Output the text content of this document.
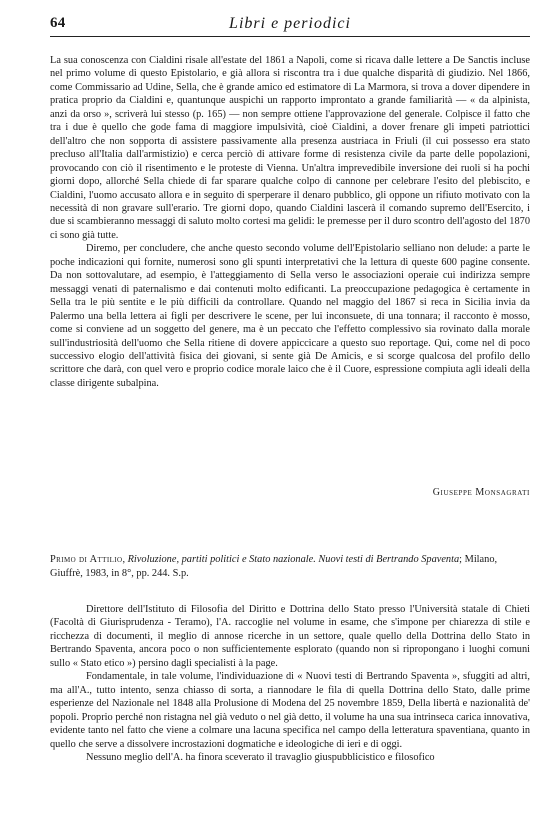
64	Libri e periodici

La sua conoscenza con Cialdini risale all'estate del 1861 a Napoli, come si ricava dalle lettere a De Sanctis incluse nel primo volume di questo Epistolario, e già allora si riscontra tra i due qualche disparità di giudizio. Nel 1866, come Commissario ad Udine, Sella, che è grande amico ed estimatore di La Marmora, si trova a dover dipendere in pratica proprio da Cialdini e, quantunque auspichi un rapporto improntato a grande familiarità — « da alpinista, anzi da orso », scriverà lui stesso (p. 165) — non sempre ottiene l'approvazione del generale. Colpisce il fatto che tra i due è quello che gode fama di maggiore impulsività, cioè Cialdini, a dover frenare gli impeti patriottici dell'altro che non sopporta di assistere passivamente alla presenza austriaca in Friuli (il cui possesso era stato precluso all'Italia dall'armistizio) e cerca perciò di attivare forme di resistenza civile da parte delle popolazioni, provocando con ciò il risentimento e le proteste di Vienna. Un'altra imprevedibile inversione dei ruoli si ha pochi giorni dopo, allorché Sella chiede di far sparare qualche colpo di cannone per celebrare l'esito del plebiscito, e Cialdini, l'uomo accusato allora e in seguito di sperperare il denaro pubblico, gli oppone un rifiuto motivato con la necessità di non gravare sull'erario. Tre giorni dopo, quando Cialdini lascerà il comando supremo dell'Esercito, i due si scambieranno messaggi di saluto molto cortesi ma gelidi: le premesse per il duro scontro dell'agosto del 1870 ci sono già tutte.

Diremo, per concludere, che anche questo secondo volume dell'Epistolario selliano non delude: a parte le poche indicazioni qui fornite, numerosi sono gli spunti interpretativi che la lettura di queste 600 pagine consente. Da non sottovalutare, ad esempio, è l'atteggiamento di Sella verso le associazioni operaie cui indirizza sempre messaggi venati di paternalismo e dai contenuti molto edificanti. La preoccupazione pedagogica è certamente in Sella tra le più sentite e le più difficili da controllare. Quando nel maggio del 1867 si reca in Sicilia invia da Palermo una bella lettera ai figli per descrivere le scene, per lui inconsuete, di una tonnara; il racconto è mosso, come si conviene ad un soggetto del genere, ma è un peccato che l'effetto complessivo sia rovinato dalla morale sull'industriosità dell'uomo che Sella ritiene di dovere appiccicare a questo suo reportage. Qui, come nel di poco successivo elogio dell'attività fisica dei giovani, si sente già De Amicis, e si scorge qualcosa del profilo dello scrittore che darà, con quel vero e proprio codice morale laico che è il Cuore, espressione compiuta agli ideali della classe dirigente subalpina.

Giuseppe Monsagrati
Primo di Attilio, Rivoluzione, partiti politici e Stato nazionale. Nuovi testi di Bertrando Spaventa; Milano, Giuffrè, 1983, in 8°, pp. 244. S.p.

Direttore dell'Istituto di Filosofia del Diritto e Dottrina dello Stato presso l'Università statale di Chieti (Facoltà di Giurisprudenza - Teramo), l'A. raccoglie nel volume in esame, che s'impone per chiarezza di stile e ricchezza di documenti, il meglio di annose ricerche in un settore, quale quello della Dottrina dello Stato in Bertrando Spaventa, ancora poco o non sufficientemente esplorato (quando non si ripropongano i luoghi comuni sullo « Stato etico ») persino dagli specialisti à la page.

Fondamentale, in tale volume, l'individuazione di « Nuovi testi di Bertrando Spaventa », sfuggiti ad altri, ma all'A., tutto intento, senza chiasso di sorta, a riannodare le fila di quella Dottrina dello Stato, dalle prime esperienze del Nazionale nel 1848 alla Prolusione di Modena del 25 novembre 1859, Della libertà e nazionalità de' popoli. Proprio perché non ristagna nel già veduto o nel già detto, il volume ha una sua intrinseca carica innovativa, evidente tanto nel fatto che viene a colmare una lacuna specifica nel campo della letteratura spaventiana, quanto in quello che serve a dissolvere incrostazioni dogmatiche e ideologiche di ieri e di oggi.

Nessuno meglio dell'A. ha finora sceverato il travaglio giuspubblicistico e filosofico
